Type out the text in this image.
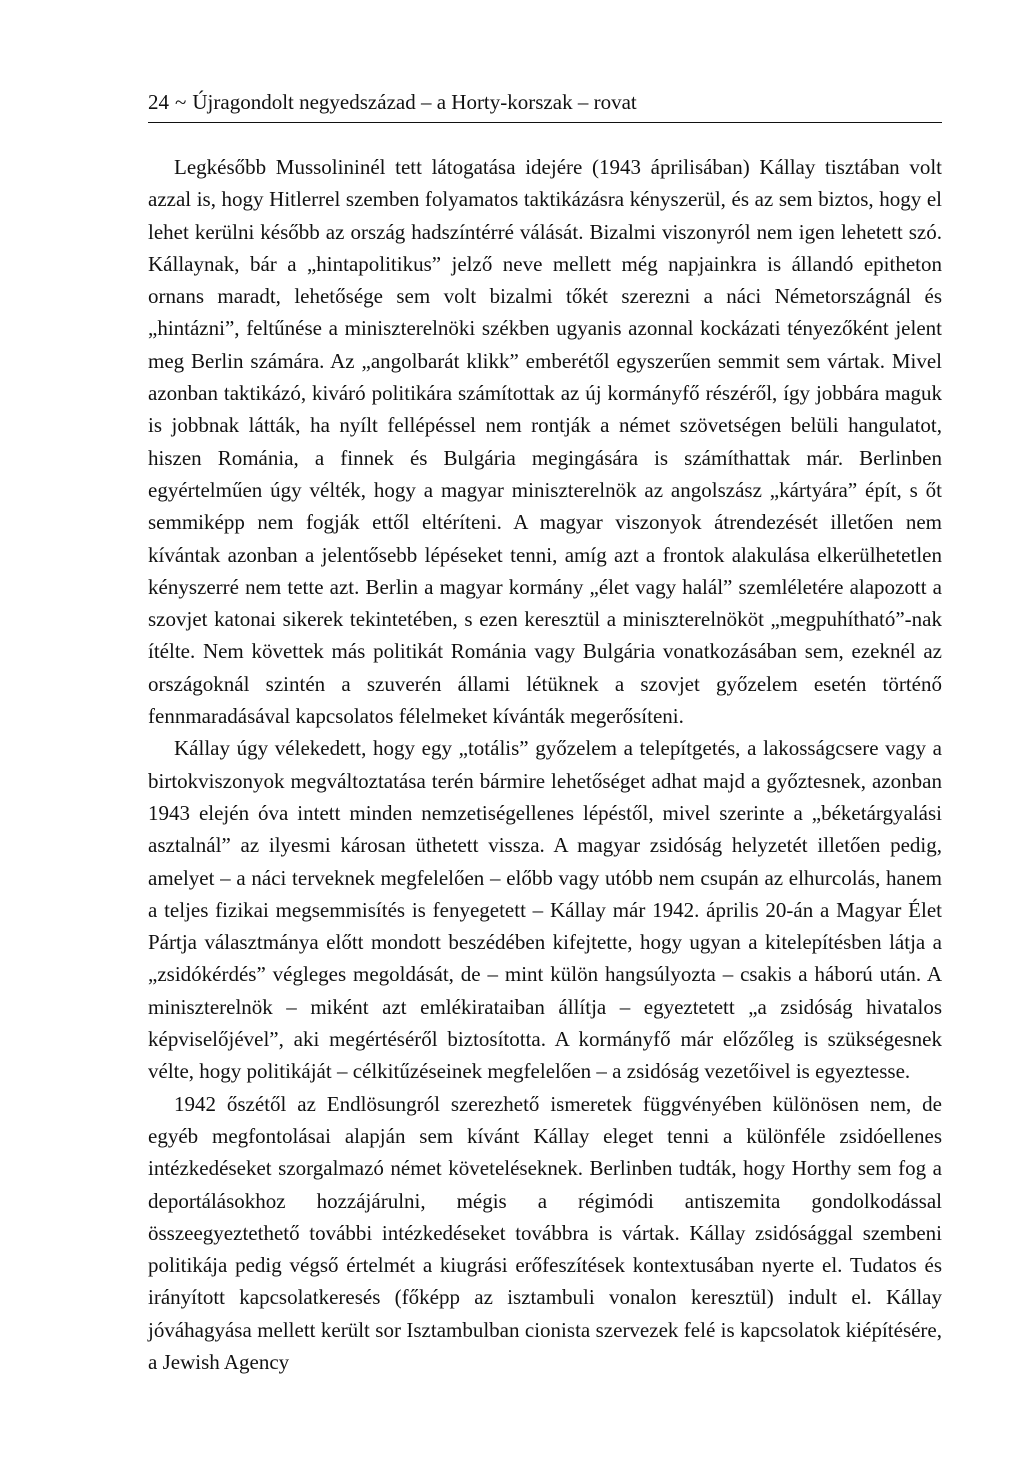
24 ~ Újragondolt negyedszázad – a Horty-korszak – rovat

Legkésőbb Mussolininél tett látogatása idejére (1943 áprilisában) Kállay tisztában volt azzal is, hogy Hitlerrel szemben folyamatos taktikázásra kényszerül, és az sem biztos, hogy el lehet kerülni később az ország hadszíntérré válását. Bizalmi viszonyról nem igen lehetett szó. Kállaynak, bár a „hintapolitikus” jelző neve mellett még napjainkra is állandó epitheton ornans maradt, lehetősége sem volt bizalmi tőkét szerezni a náci Németországnál és „hintázni”, feltűnése a miniszterelnöki székben ugyanis azonnal kockázati tényezőként jelent meg Berlin számára. Az „angolbarát klikk” emberétől egyszerűen semmit sem vártak. Mivel azonban taktikázó, kiváró politikára számítottak az új kormányfő részéről, így jobbára maguk is jobbnak látták, ha nyílt fellépéssel nem rontják a német szövetségen belüli hangulatot, hiszen Románia, a finnek és Bulgária megingására is számíthattak már. Berlinben egyértelműen úgy vélték, hogy a magyar miniszterelnök az angolszász „kártyára” épít, s őt semmiképp nem fogják ettől eltéríteni. A magyar viszonyok átrendezését illetően nem kívántak azonban a jelentősebb lépéseket tenni, amíg azt a frontok alakulása elkerülhetetlen kényszerré nem tette azt. Berlin a magyar kormány „élet vagy halál” szemléletére alapozott a szovjet katonai sikerek tekintetében, s ezen keresztül a miniszterelnököt „megpuhítható”-nak ítélte. Nem követtek más politikát Románia vagy Bulgária vonatkozásában sem, ezeknél az országoknál szintén a szuverén állami létüknek a szovjet győzelem esetén történő fennmaradásával kapcsolatos félelmeket kívánták megerősíteni.

Kállay úgy vélekedett, hogy egy „totális” győzelem a telepítgetés, a lakosságcsere vagy a birtokviszonyok megváltoztatása terén bármire lehetőséget adhat majd a győztesnek, azonban 1943 elején óva intett minden nemzetiségellenes lépéstől, mivel szerinte a „béketárgyalási asztalnál” az ilyesmi károsan üthetett vissza. A magyar zsidóság helyzetét illetően pedig, amelyet – a náci terveknek megfelelően – előbb vagy utóbb nem csupán az elhurcolás, hanem a teljes fizikai megsemmisítés is fenyegetett – Kállay már 1942. április 20-án a Magyar Élet Pártja választmánya előtt mondott beszédében kifejtette, hogy ugyan a kitelepítésben látja a „zsidókérdés” végleges megoldását, de – mint külön hangsúlyozta – csakis a háború után. A miniszterelnök – miként azt emlékirataiban állítja – egyeztetett „a zsidóság hivatalos képviselőjével”, aki megértéséről biztosította. A kormányfő már előzőleg is szükségesnek vélte, hogy politikáját – célkitűzéseinek megfelelően – a zsidóság vezetőivel is egyeztesse.

1942 őszétől az Endlösungról szerezhető ismeretek függvényében különösen nem, de egyéb megfontolásai alapján sem kívánt Kállay eleget tenni a különféle zsidóellenes intézkedéseket szorgalmazó német követeléseknek. Berlinben tudták, hogy Horthy sem fog a deportálásokhoz hozzájárulni, mégis a régimódi antiszemita gondolkodással összeegyeztethető további intézkedéseket továbbra is vártak. Kállay zsidósággal szembeni politikája pedig végső értelmét a kiugrási erőfeszítések kontextusában nyerte el. Tudatos és irányított kapcsolatkeresés (főképp az isztambuli vonalon keresztül) indult el. Kállay jóváhagyása mellett került sor Isztambulban cionista szervezek felé is kapcsolatok kiépítésére, a Jewish Agency
